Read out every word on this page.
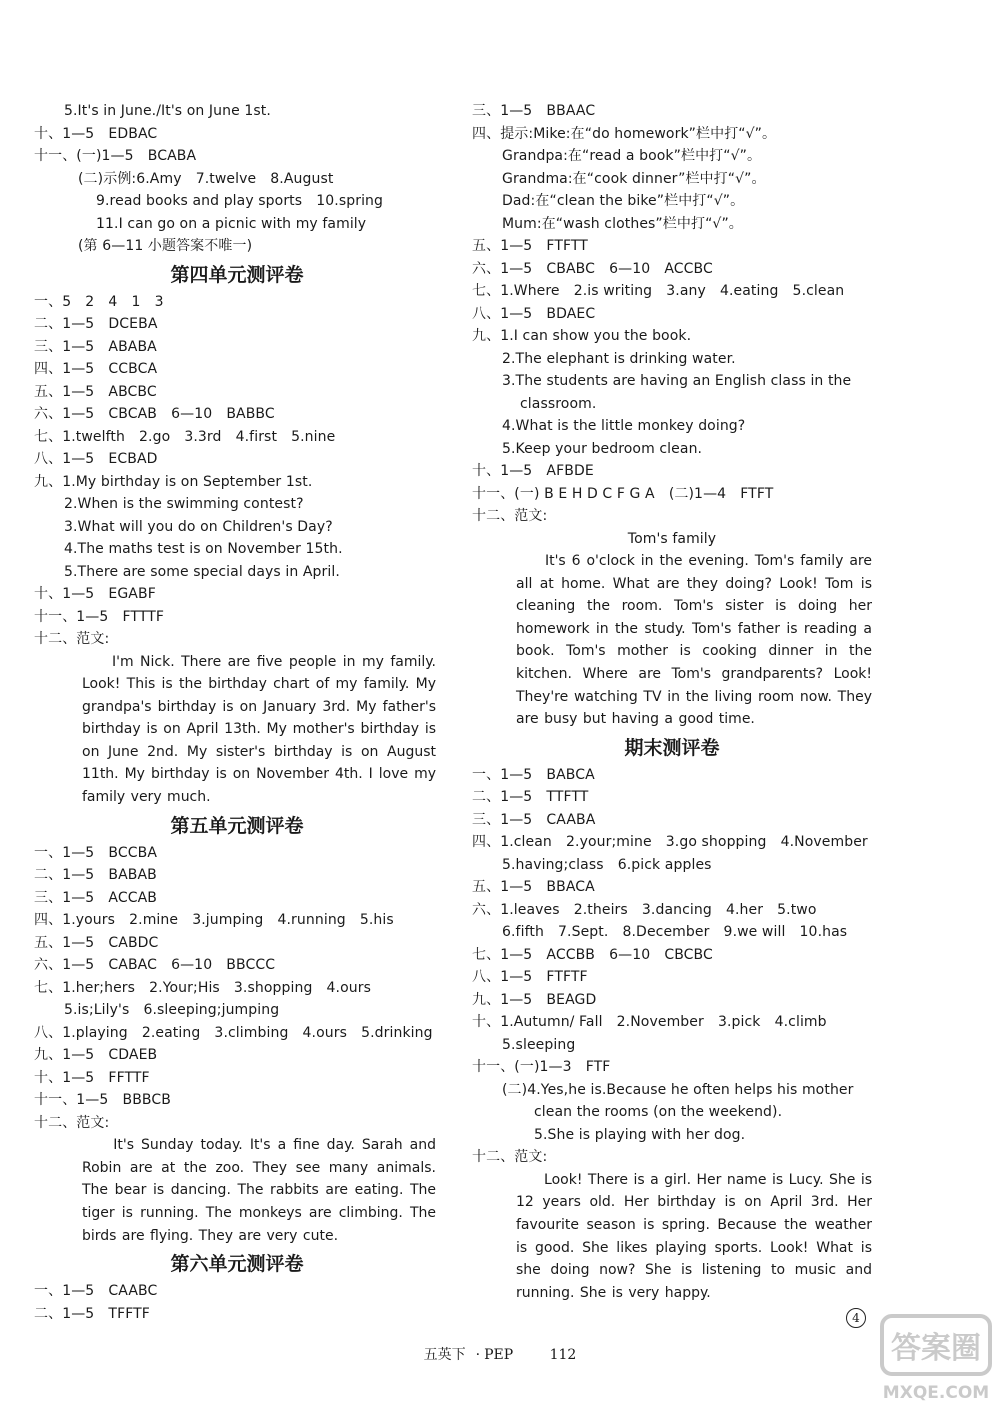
5.It's in June./It's on June 1st.
十、1—5　EDBAC
十一、(一)1—5　BCABA
(二)示例:6.Amy　7.twelve　8.August
9.read books and play sports　10.spring
11.I can go on a picnic with my family
(第 6—11 小题答案不唯一)
第四单元测评卷
一、5　2　4　1　3
二、1—5　DCEBA
三、1—5　ABABA
四、1—5　CCBCA
五、1—5　ABCBC
六、1—5　CBCAB　6—10　BABBC
七、1.twelfth　2.go　3.3rd　4.first　5.nine
八、1—5　ECBAD
九、1.My birthday is on September 1st.
2.When is the swimming contest?
3.What will you do on Children's Day?
4.The maths test is on November 15th.
5.There are some special days in April.
十、1—5　EGABF
十一、1—5　FTTTF
十二、范文:
　　I'm Nick. There are five people in my family. Look! This is the birthday chart of my family. My grandpa's birthday is on January 3rd. My father's birthday is on April 13th. My mother's birthday is on June 2nd. My sister's birthday is on August 11th. My birthday is on November 4th. I love my family very much.
第五单元测评卷
一、1—5　BCCBA
二、1—5　BABAB
三、1—5　ACCAB
四、1.yours　2.mine　3.jumping　4.running　5.his
五、1—5　CABDC
六、1—5　CABAC　6—10　BBCCC
七、1.her;hers　2.Your;His　3.shopping　4.ours
5.is;Lily's　6.sleeping;jumping
八、1.playing　2.eating　3.climbing　4.ours　5.drinking
九、1—5　CDAEB
十、1—5　FFTTF
十一、1—5　BBBCB
十二、范文:
　　It's Sunday today. It's a fine day. Sarah and Robin are at the zoo. They see many animals. The bear is dancing. The rabbits are eating. The tiger is running. The monkeys are climbing. The birds are flying. They are very cute.
第六单元测评卷
一、1—5　CAABC
二、1—5　TFFTF
三、1—5　BBAAC
四、提示:Mike:在“do homework”栏中打“√”。
Grandpa:在“read a book”栏中打“√”。
Grandma:在“cook dinner”栏中打“√”。
Dad:在“clean the bike”栏中打“√”。
Mum:在“wash clothes”栏中打“√”。
五、1—5　FTFTT
六、1—5　CBABC　6—10　ACCBC
七、1.Where　2.is writing　3.any　4.eating　5.clean
八、1—5　BDAEC
九、1.I can show you the book.
2.The elephant is drinking water.
3.The students are having an English class in the
classroom.
4.What is the little monkey doing?
5.Keep your bedroom clean.
十、1—5　AFBDE
十一、(一) B E H D C F G A　(二)1—4　FTFT
十二、范文:
Tom's family
　　It's 6 o'clock in the evening. Tom's family are all at home. What are they doing? Look! Tom is cleaning the room. Tom's sister is doing her homework in the study. Tom's father is reading a book. Tom's mother is cooking dinner in the kitchen. Where are Tom's grandparents? Look! They're watching TV in the living room now. They are busy but having a good time.
期末测评卷
一、1—5　BABCA
二、1—5　TTFTT
三、1—5　CAABA
四、1.clean　2.your;mine　3.go shopping　4.November
5.having;class　6.pick apples
五、1—5　BBACA
六、1.leaves　2.theirs　3.dancing　4.her　5.two
6.fifth　7.Sept.　8.December　9.we will　10.has
七、1—5　ACCBB　6—10　CBCBC
八、1—5　FTFTF
九、1—5　BEAGD
十、1.Autumn/ Fall　2.November　3.pick　4.climb
5.sleeping
十一、(一)1—3　FTF
(二)4.Yes,he is.Because he often helps his mother
clean the rooms (on the weekend).
5.She is playing with her dog.
十二、范文:
　　Look! There is a girl. Her name is Lucy. She is 12 years old. Her birthday is on April 3rd. Her favourite season is spring. Because the weather is good. She likes playing sports. Look! What is she doing now? She is listening to music and running. She is very happy.
4
五英下 · PEP	112	答案圈
MXQE.COM
